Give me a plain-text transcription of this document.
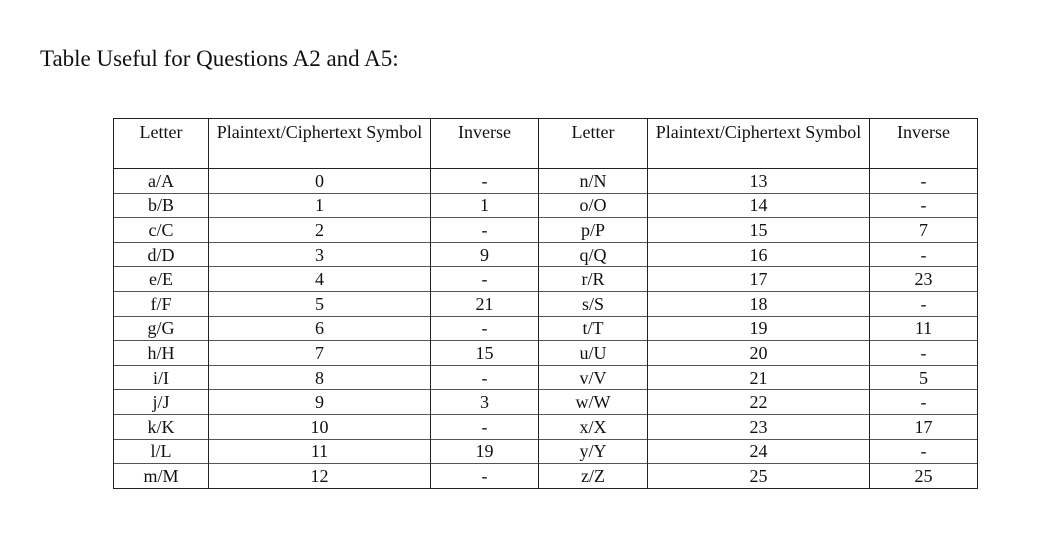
Table Useful for Questions A2 and A5:
Letter	Plaintext/Ciphertext Symbol	Inverse	Letter	Plaintext/Ciphertext Symbol	Inverse
a/A	0	-	n/N	13	-
b/B	1	1	o/O	14	-
c/C	2	-	p/P	15	7
d/D	3	9	q/Q	16	-
e/E	4	-	r/R	17	23
f/F	5	21	s/S	18	-
g/G	6	-	t/T	19	11
h/H	7	15	u/U	20	-
i/I	8	-	v/V	21	5
j/J	9	3	w/W	22	-
k/K	10	-	x/X	23	17
l/L	11	19	y/Y	24	-
m/M	12	-	z/Z	25	25
